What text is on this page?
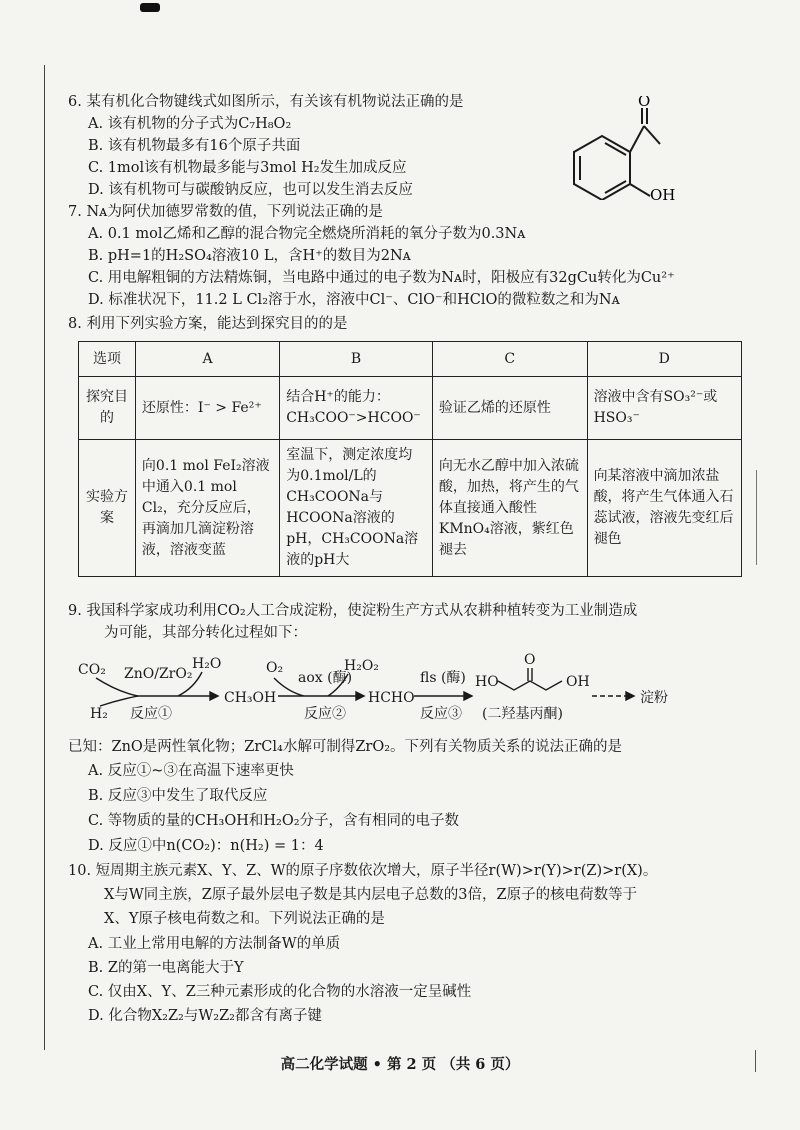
6. 某有机化合物键线式如图所示，有关该有机物说法正确的是
A. 该有机物的分子式为C₇H₈O₂
B. 该有机物最多有16个原子共面
C. 1mol该有机物最多能与3mol H₂发生加成反应
D. 该有机物可与碳酸钠反应，也可以发生消去反应
O
OH
7. Nᴀ为阿伏加德罗常数的值，下列说法正确的是
A. 0.1 mol乙烯和乙醇的混合物完全燃烧所消耗的氧分子数为0.3Nᴀ
B. pH=1的H₂SO₄溶液10 L，含H⁺的数目为2Nᴀ
C. 用电解粗铜的方法精炼铜，当电路中通过的电子数为Nᴀ时，阳极应有32gCu转化为Cu²⁺
D. 标准状况下，11.2 L Cl₂溶于水，溶液中Cl⁻、ClO⁻和HClO的微粒数之和为Nᴀ
8. 利用下列实验方案，能达到探究目的的是
选项	A	B	C	D
探究目的	还原性：I⁻ > Fe²⁺	结合H⁺的能力：CH₃COO⁻>HCOO⁻	验证乙烯的还原性	溶液中含有SO₃²⁻或HSO₃⁻
实验方案	向0.1 mol FeI₂溶液中通入0.1 mol Cl₂，充分反应后，再滴加几滴淀粉溶液，溶液变蓝	室温下，测定浓度均为0.1mol/L的CH₃COONa与HCOONa溶液的pH，CH₃COONa溶液的pH大	向无水乙醇中加入浓硫酸，加热，将产生的气体直接通入酸性KMnO₄溶液，紫红色褪去	向某溶液中滴加浓盐酸，将产生气体通入石蕊试液，溶液先变红后褪色
9. 我国科学家成功利用CO₂人工合成淀粉，使淀粉生产方式从农耕种植转变为工业制造成
为可能，其部分转化过程如下：
CO₂
H₂
ZnO/ZrO₂
H₂O
反应①
CH₃OH
O₂
aox (酶)
H₂O₂
反应②
HCHO
fls (酶)
反应③
HO
O
OH
(二羟基丙酮)
淀粉
已知：ZnO是两性氧化物；ZrCl₄水解可制得ZrO₂。下列有关物质关系的说法正确的是
A. 反应①~③在高温下速率更快
B. 反应③中发生了取代反应
C. 等物质的量的CH₃OH和H₂O₂分子，含有相同的电子数
D. 反应①中n(CO₂)：n(H₂) = 1：4
10. 短周期主族元素X、Y、Z、W的原子序数依次增大，原子半径r(W)>r(Y)>r(Z)>r(X)。
X与W同主族，Z原子最外层电子数是其内层电子总数的3倍，Z原子的核电荷数等于
X、Y原子核电荷数之和。下列说法正确的是
A. 工业上常用电解的方法制备W的单质
B. Z的第一电离能大于Y
C. 仅由X、Y、Z三种元素形成的化合物的水溶液一定呈碱性
D. 化合物X₂Z₂与W₂Z₂都含有离子键
高二化学试题 • 第 2 页 （共 6 页）
